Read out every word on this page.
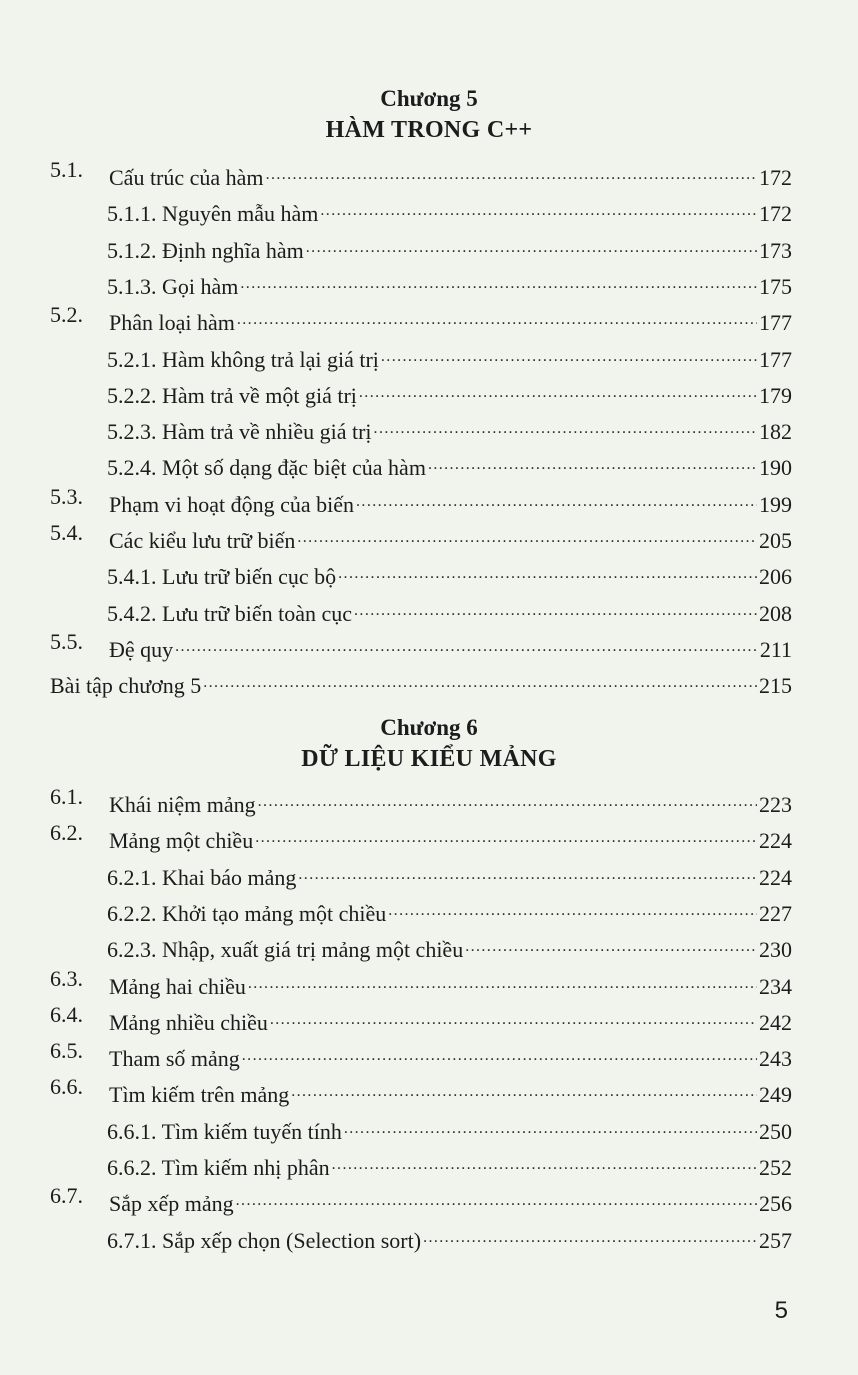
Chương 5
HÀM TRONG C++
5.1. Cấu trúc của hàm .....	172
5.1.1. Nguyên mẫu hàm .....	172
5.1.2. Định nghĩa hàm .....	173
5.1.3. Gọi hàm .....	175
5.2. Phân loại hàm .....	177
5.2.1. Hàm không trả lại giá trị .....	177
5.2.2. Hàm trả về một giá trị .....	179
5.2.3. Hàm trả về nhiều giá trị .....	182
5.2.4. Một số dạng đặc biệt của hàm .....	190
5.3. Phạm vi hoạt động của biến .....	199
5.4. Các kiểu lưu trữ biến .....	205
5.4.1. Lưu trữ biến cục bộ .....	206
5.4.2. Lưu trữ biến toàn cục .....	208
5.5. Đệ quy .....	211
Bài tập chương 5 .....	215
Chương 6
DỮ LIỆU KIỂU MẢNG
6.1. Khái niệm mảng .....	223
6.2. Mảng một chiều .....	224
6.2.1. Khai báo mảng .....	224
6.2.2. Khởi tạo mảng một chiều .....	227
6.2.3. Nhập, xuất giá trị mảng một chiều .....	230
6.3. Mảng hai chiều .....	234
6.4. Mảng nhiều chiều .....	242
6.5. Tham số mảng .....	243
6.6. Tìm kiếm trên mảng .....	249
6.6.1. Tìm kiếm tuyến tính .....	250
6.6.2. Tìm kiếm nhị phân .....	252
6.7. Sắp xếp mảng .....	256
6.7.1. Sắp xếp chọn (Selection sort) .....	257
5
